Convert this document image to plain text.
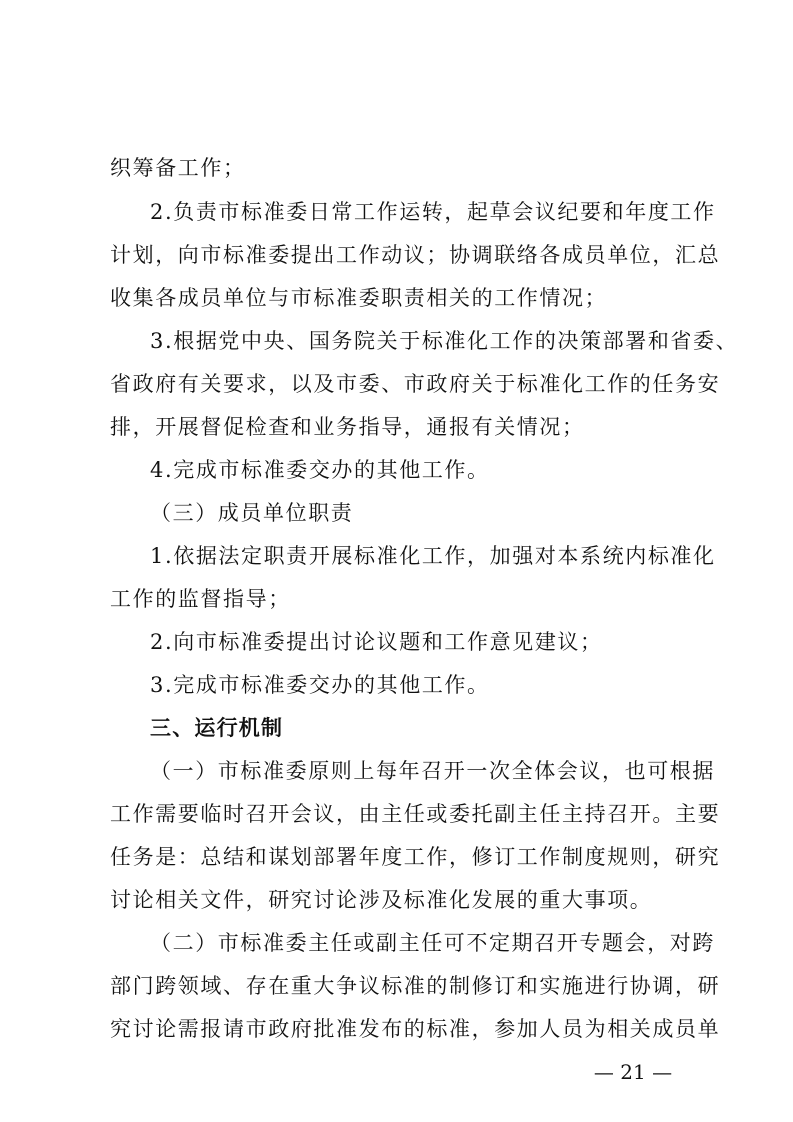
织筹备工作；
2.负责市标准委日常工作运转，起草会议纪要和年度工作
计划，向市标准委提出工作动议；协调联络各成员单位，汇总
收集各成员单位与市标准委职责相关的工作情况；
3.根据党中央、国务院关于标准化工作的决策部署和省委、
省政府有关要求，以及市委、市政府关于标准化工作的任务安
排，开展督促检查和业务指导，通报有关情况；
4.完成市标准委交办的其他工作。
（三）成员单位职责
1.依据法定职责开展标准化工作，加强对本系统内标准化
工作的监督指导；
2.向市标准委提出讨论议题和工作意见建议；
3.完成市标准委交办的其他工作。
三、运行机制
（一）市标准委原则上每年召开一次全体会议，也可根据
工作需要临时召开会议，由主任或委托副主任主持召开。主要
任务是：总结和谋划部署年度工作，修订工作制度规则，研究
讨论相关文件，研究讨论涉及标准化发展的重大事项。
（二）市标准委主任或副主任可不定期召开专题会，对跨
部门跨领域、存在重大争议标准的制修订和实施进行协调，研
究讨论需报请市政府批准发布的标准，参加人员为相关成员单
— 21 —
